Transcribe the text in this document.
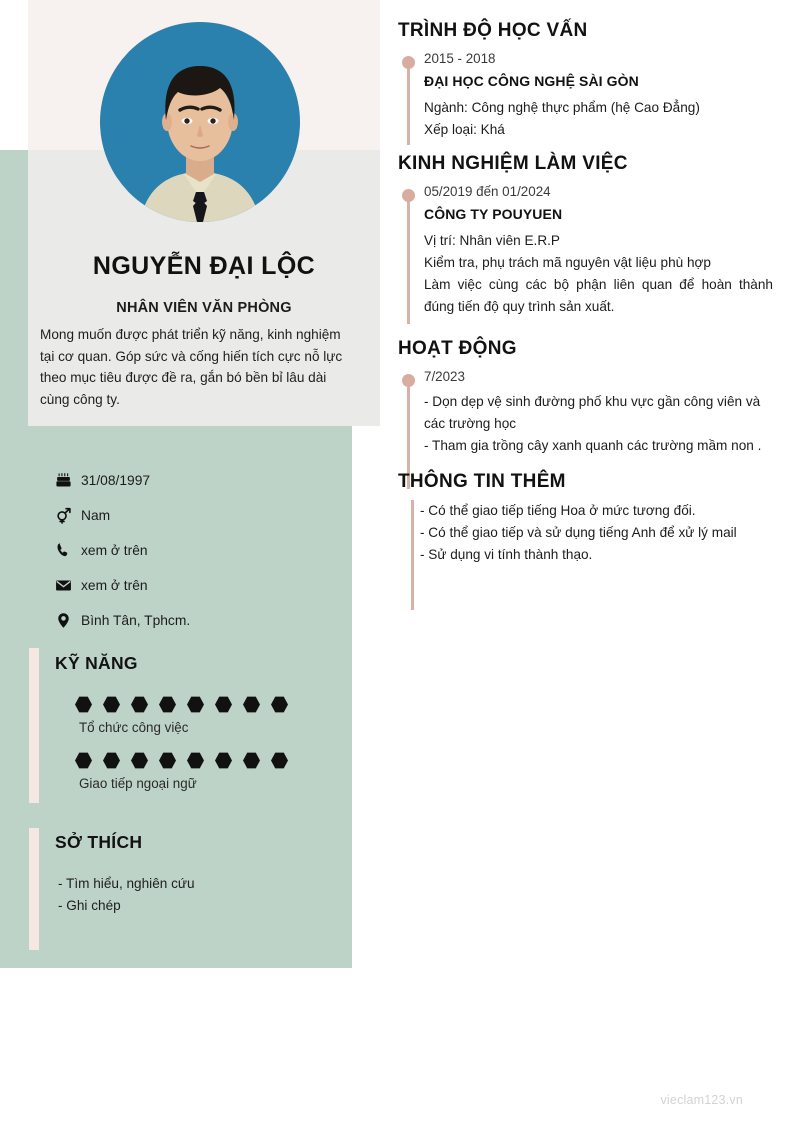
NGUYỄN ĐẠI LỘC
NHÂN VIÊN VĂN PHÒNG
Mong muốn được phát triển kỹ năng, kinh nghiệm tại cơ quan. Góp sức và cống hiến tích cực nỗ lực theo mục tiêu được đề ra, gắn bó bền bỉ lâu dài cùng công ty.
31/08/1997
Nam
xem ở trên
xem ở trên
Bình Tân, Tphcm.
KỸ NĂNG
Tổ chức công việc
Giao tiếp ngoại ngữ
SỞ THÍCH
- Tìm hiểu, nghiên cứu
- Ghi chép
TRÌNH ĐỘ HỌC VẤN

2015 - 2018

ĐẠI HỌC CÔNG NGHỆ SÀI GÒN

Ngành: Công nghệ thực phẩm (hệ Cao Đẳng)

Xếp loại: Khá

KINH NGHIỆM LÀM VIỆC

05/2019 đến 01/2024

CÔNG TY POUYUEN

Vị trí: Nhân viên E.R.P

Kiểm tra, phụ trách mã nguyên vật liệu phù hợp

Làm việc cùng các bộ phận liên quan để hoàn thành đúng tiến độ quy trình sản xuất.

HOẠT ĐỘNG

7/2023

- Dọn dẹp vệ sinh đường phố khu vực gần công viên và các trường học

- Tham gia trồng cây xanh quanh các trường mầm non .

THÔNG TIN THÊM

- Có thể giao tiếp tiếng Hoa ở mức tương đối.

- Có thể giao tiếp và sử dụng tiếng Anh để xử lý mail

- Sử dụng vi tính thành thạo.

vieclam123.vn
